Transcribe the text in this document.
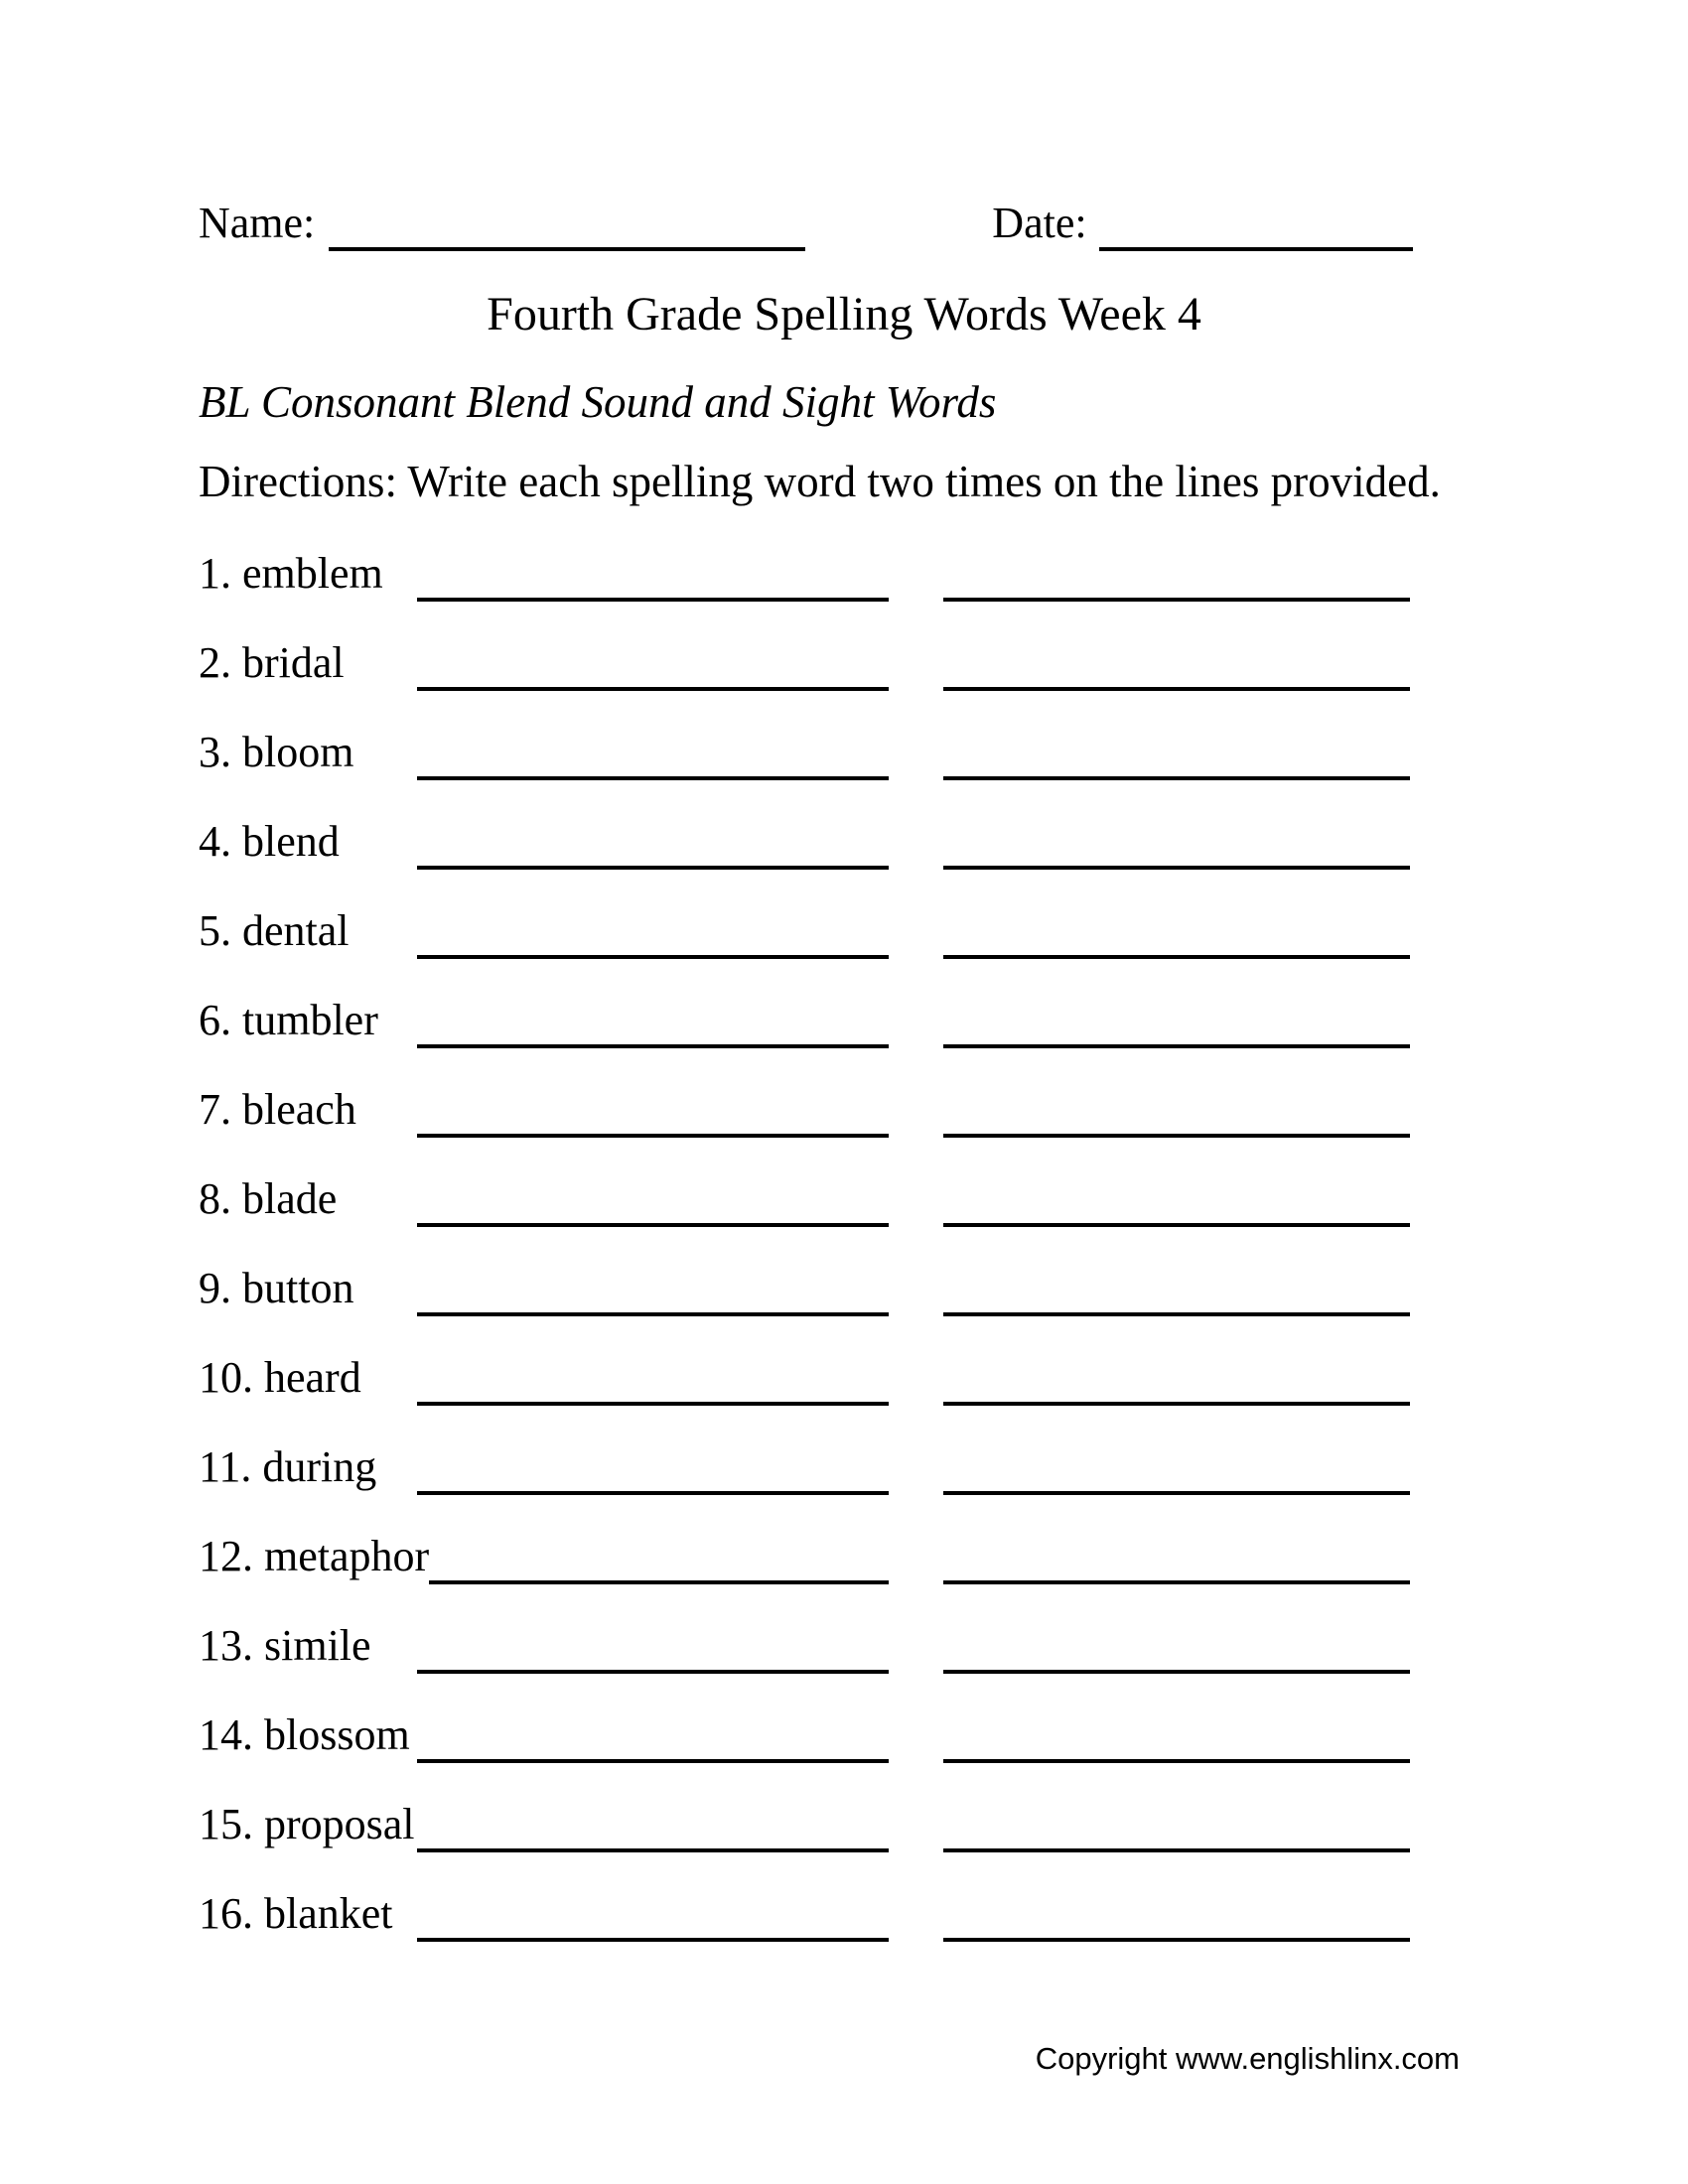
Name:	Date:
Fourth Grade Spelling Words Week 4
BL Consonant Blend Sound and Sight Words
Directions: Write each spelling word two times on the lines provided.
1. emblem
2. bridal
3. bloom
4. blend
5. dental
6. tumbler
7. bleach
8. blade
9. button
10. heard
11. during
12. metaphor
13. simile
14. blossom
15. proposal
16. blanket
Copyright www.englishlinx.com
